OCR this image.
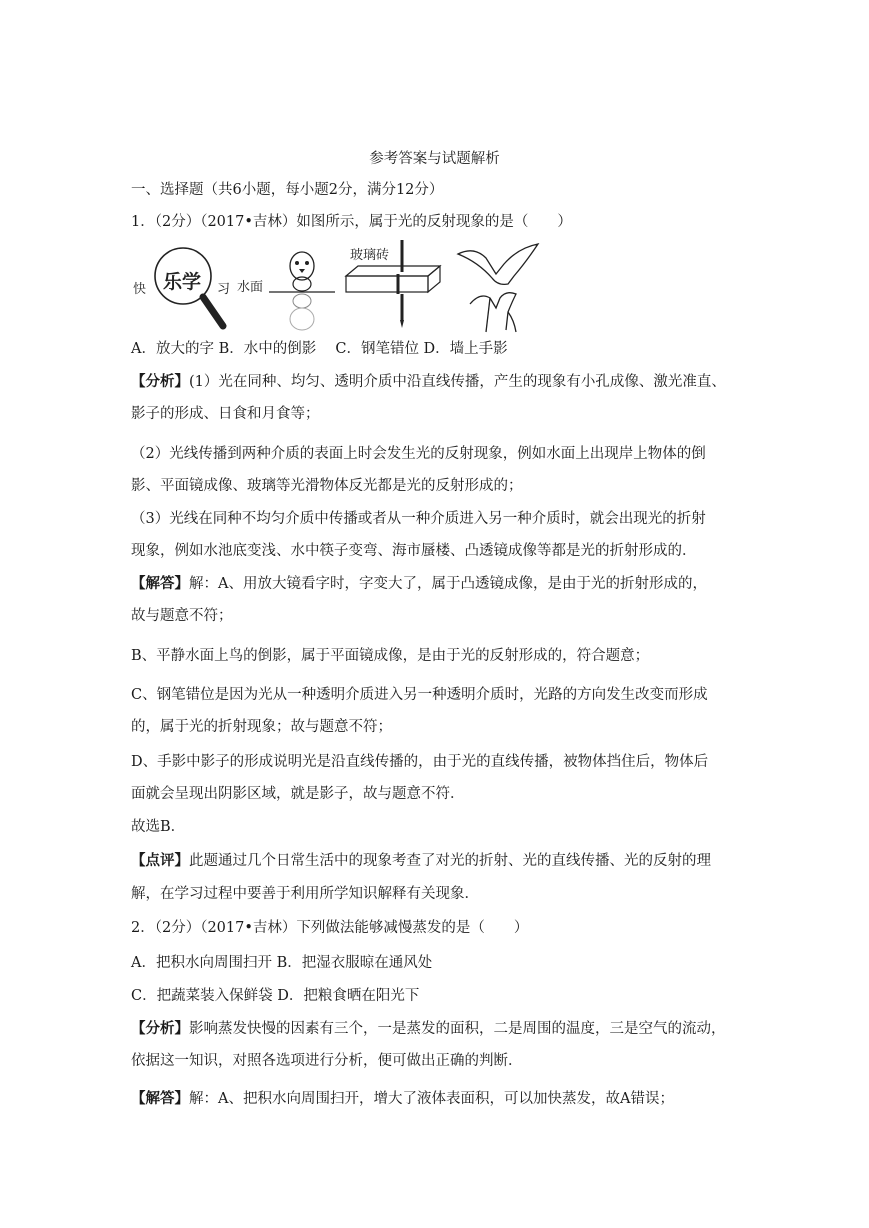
参考答案与试题解析
一、选择题（共6小题，每小题2分，满分12分）
1．（2分）（2017•吉林）如图所示，属于光的反射现象的是（　　）
快 乐学 习 水面
玻璃砖
A．放大的字 B．水中的倒影　 C．钢笔错位 D．墙上手影
【分析】(1）光在同种、均匀、透明介质中沿直线传播，产生的现象有小孔成像、激光准直、
影子的形成、日食和月食等；
（2）光线传播到两种介质的表面上时会发生光的反射现象，例如水面上出现岸上物体的倒
影、平面镜成像、玻璃等光滑物体反光都是光的反射形成的；
（3）光线在同种不均匀介质中传播或者从一种介质进入另一种介质时，就会出现光的折射
现象，例如水池底变浅、水中筷子变弯、海市蜃楼、凸透镜成像等都是光的折射形成的．
【解答】解：A、用放大镜看字时，字变大了，属于凸透镜成像，是由于光的折射形成的，
故与题意不符；
B、平静水面上鸟的倒影，属于平面镜成像，是由于光的反射形成的，符合题意；
C、钢笔错位是因为光从一种透明介质进入另一种透明介质时，光路的方向发生改变而形成
的，属于光的折射现象；故与题意不符；
D、手影中影子的形成说明光是沿直线传播的，由于光的直线传播，被物体挡住后，物体后
面就会呈现出阴影区域，就是影子，故与题意不符．
故选B．
【点评】此题通过几个日常生活中的现象考查了对光的折射、光的直线传播、光的反射的理
解，在学习过程中要善于利用所学知识解释有关现象．
2．（2分）（2017•吉林）下列做法能够减慢蒸发的是（　　）
A．把积水向周围扫开 B．把湿衣服晾在通风处
C．把蔬菜装入保鲜袋 D．把粮食晒在阳光下
【分析】影响蒸发快慢的因素有三个，一是蒸发的面积，二是周围的温度，三是空气的流动，
依据这一知识，对照各选项进行分析，便可做出正确的判断．
【解答】解：A、把积水向周围扫开，增大了液体表面积，可以加快蒸发，故A错误；
